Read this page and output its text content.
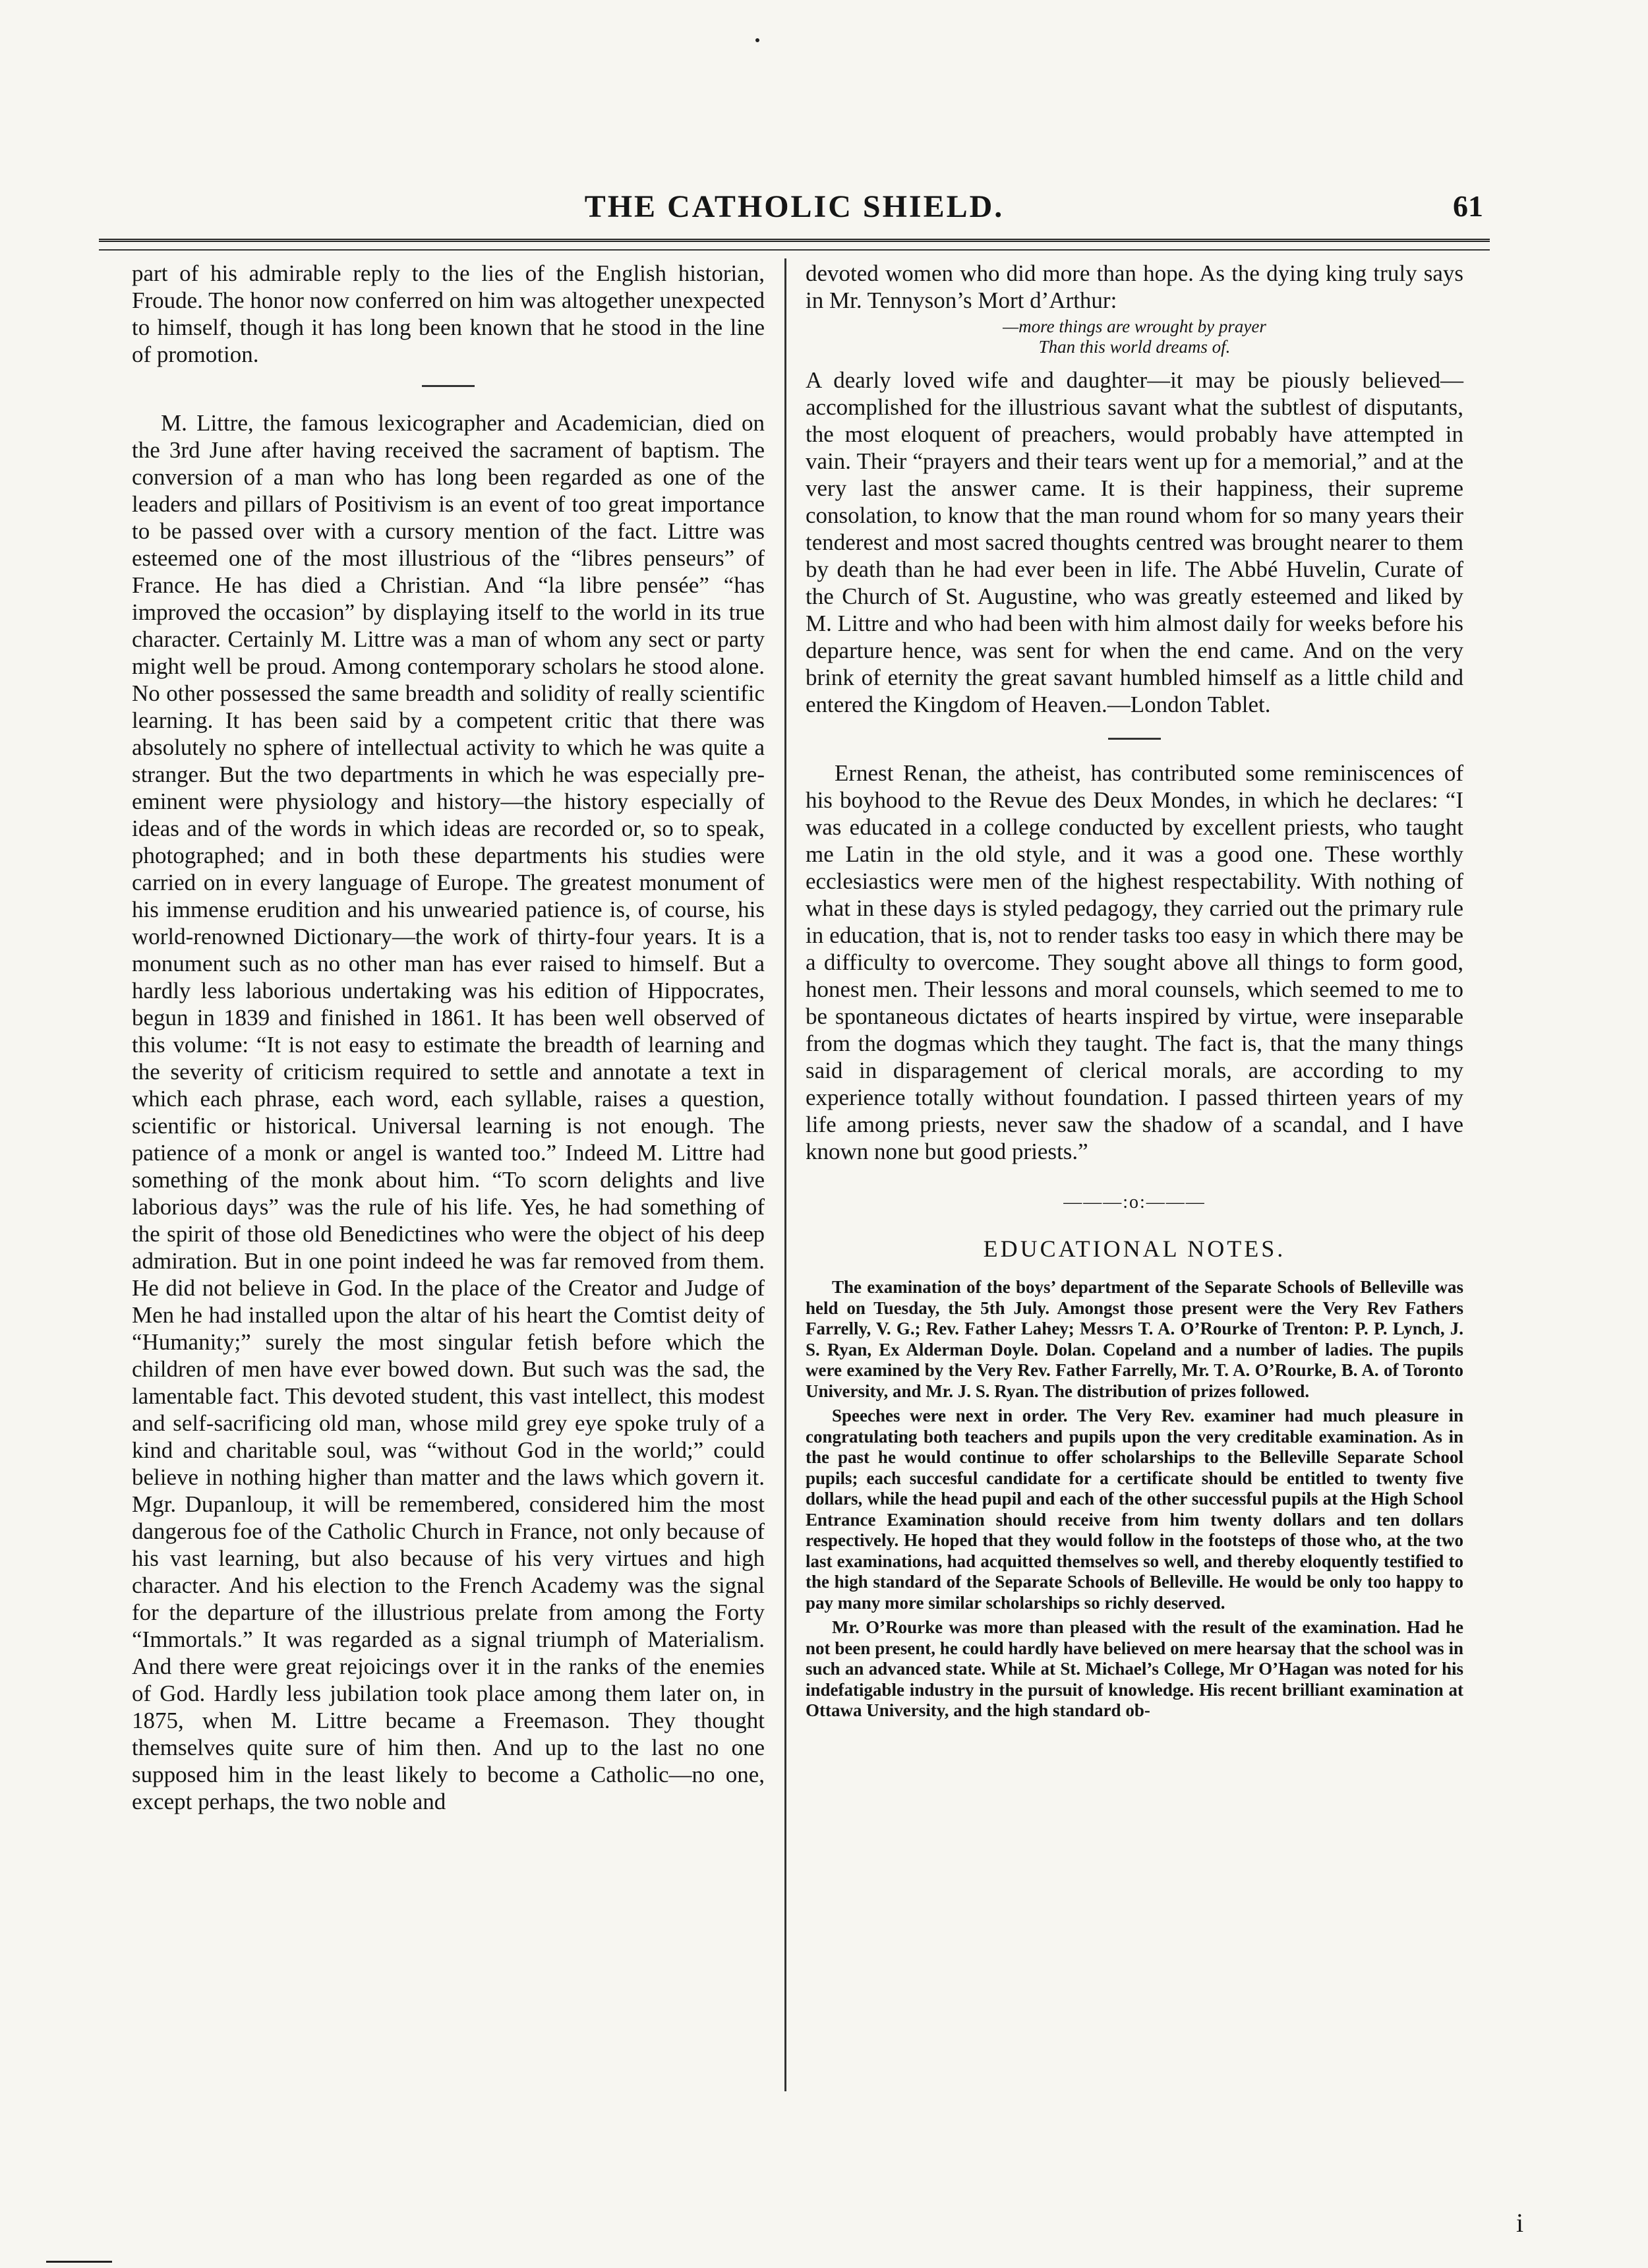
THE CATHOLIC SHIELD.	61

part of his admirable reply to the lies of the English historian, Froude. The honor now conferred on him was altogether unexpected to himself, though it has long been known that he stood in the line of promotion.

M. Littre, the famous lexicographer and Academician, died on the 3rd June after having received the sacrament of baptism. The conversion of a man who has long been regarded as one of the leaders and pillars of Positivism is an event of too great importance to be passed over with a cursory mention of the fact. Littre was esteemed one of the most illustrious of the “libres penseurs” of France. He has died a Christian. And “la libre pensée” “has improved the occasion” by displaying itself to the world in its true character. Certainly M. Littre was a man of whom any sect or party might well be proud. Among contemporary scholars he stood alone. No other possessed the same breadth and solidity of really scientific learning. It has been said by a competent critic that there was absolutely no sphere of intellectual activity to which he was quite a stranger. But the two departments in which he was especially pre-eminent were physiology and history—the history especially of ideas and of the words in which ideas are recorded or, so to speak, photographed; and in both these departments his studies were carried on in every language of Europe. The greatest monument of his immense erudition and his unwearied patience is, of course, his world-renowned Dictionary—the work of thirty-four years. It is a monument such as no other man has ever raised to himself. But a hardly less laborious undertaking was his edition of Hippocrates, begun in 1839 and finished in 1861. It has been well observed of this volume: “It is not easy to estimate the breadth of learning and the severity of criticism required to settle and annotate a text in which each phrase, each word, each syllable, raises a question, scientific or historical. Universal learning is not enough. The patience of a monk or angel is wanted too.” Indeed M. Littre had something of the monk about him. “To scorn delights and live laborious days” was the rule of his life. Yes, he had something of the spirit of those old Benedictines who were the object of his deep admiration. But in one point indeed he was far removed from them. He did not believe in God. In the place of the Creator and Judge of Men he had installed upon the altar of his heart the Comtist deity of “Humanity;” surely the most singular fetish before which the children of men have ever bowed down. But such was the sad, the lamentable fact. This devoted student, this vast intellect, this modest and self-sacrificing old man, whose mild grey eye spoke truly of a kind and charitable soul, was “without God in the world;” could believe in nothing higher than matter and the laws which govern it. Mgr. Dupanloup, it will be remembered, considered him the most dangerous foe of the Catholic Church in France, not only because of his vast learning, but also because of his very virtues and high character. And his election to the French Academy was the signal for the departure of the illustrious prelate from among the Forty “Immortals.” It was regarded as a signal triumph of Materialism. And there were great rejoicings over it in the ranks of the enemies of God. Hardly less jubilation took place among them later on, in 1875, when M. Littre became a Freemason. They thought themselves quite sure of him then. And up to the last no one supposed him in the least likely to become a Catholic—no one, except perhaps, the two noble and

devoted women who did more than hope. As the dying king truly says in Mr. Tennyson’s Mort d’Arthur:

—more things are wrought by prayer
Than this world dreams of.

A dearly loved wife and daughter—it may be piously believed—accomplished for the illustrious savant what the subtlest of disputants, the most eloquent of preachers, would probably have attempted in vain. Their “prayers and their tears went up for a memorial,” and at the very last the answer came. It is their happiness, their supreme consolation, to know that the man round whom for so many years their tenderest and most sacred thoughts centred was brought nearer to them by death than he had ever been in life. The Abbé Huvelin, Curate of the Church of St. Augustine, who was greatly esteemed and liked by M. Littre and who had been with him almost daily for weeks before his departure hence, was sent for when the end came. And on the very brink of eternity the great savant humbled himself as a little child and entered the Kingdom of Heaven.—London Tablet.

Ernest Renan, the atheist, has contributed some reminiscences of his boyhood to the Revue des Deux Mondes, in which he declares: “I was educated in a college conducted by excellent priests, who taught me Latin in the old style, and it was a good one. These worthly ecclesiastics were men of the highest respectability. With nothing of what in these days is styled pedagogy, they carried out the primary rule in education, that is, not to render tasks too easy in which there may be a difficulty to overcome. They sought above all things to form good, honest men. Their lessons and moral counsels, which seemed to me to be spontaneous dictates of hearts inspired by virtue, were inseparable from the dogmas which they taught. The fact is, that the many things said in disparagement of clerical morals, are according to my experience totally without foundation. I passed thirteen years of my life among priests, never saw the shadow of a scandal, and I have known none but good priests.”

———:o:———
EDUCATIONAL NOTES.

The examination of the boys’ department of the Separate Schools of Belleville was held on Tuesday, the 5th July. Amongst those present were the Very Rev Fathers Farrelly, V. G.; Rev. Father Lahey; Messrs T. A. O’Rourke of Trenton: P. P. Lynch, J. S. Ryan, Ex Alderman Doyle. Dolan. Copeland and a number of ladies. The pupils were examined by the Very Rev. Father Farrelly, Mr. T. A. O’Rourke, B. A. of Toronto University, and Mr. J. S. Ryan. The distribution of prizes followed.

Speeches were next in order. The Very Rev. examiner had much pleasure in congratulating both teachers and pupils upon the very creditable examination. As in the past he would continue to offer scholarships to the Belleville Separate School pupils; each succesful candidate for a certificate should be entitled to twenty five dollars, while the head pupil and each of the other successful pupils at the High School Entrance Examination should receive from him twenty dollars and ten dollars respectively. He hoped that they would follow in the footsteps of those who, at the two last examinations, had acquitted themselves so well, and thereby eloquently testified to the high standard of the Separate Schools of Belleville. He would be only too happy to pay many more similar scholarships so richly deserved.

Mr. O’Rourke was more than pleased with the result of the examination. Had he not been present, he could hardly have believed on mere hearsay that the school was in such an advanced state. While at St. Michael’s College, Mr O’Hagan was noted for his indefatigable industry in the pursuit of knowledge. His recent brilliant examination at Ottawa University, and the high standard ob-

i
